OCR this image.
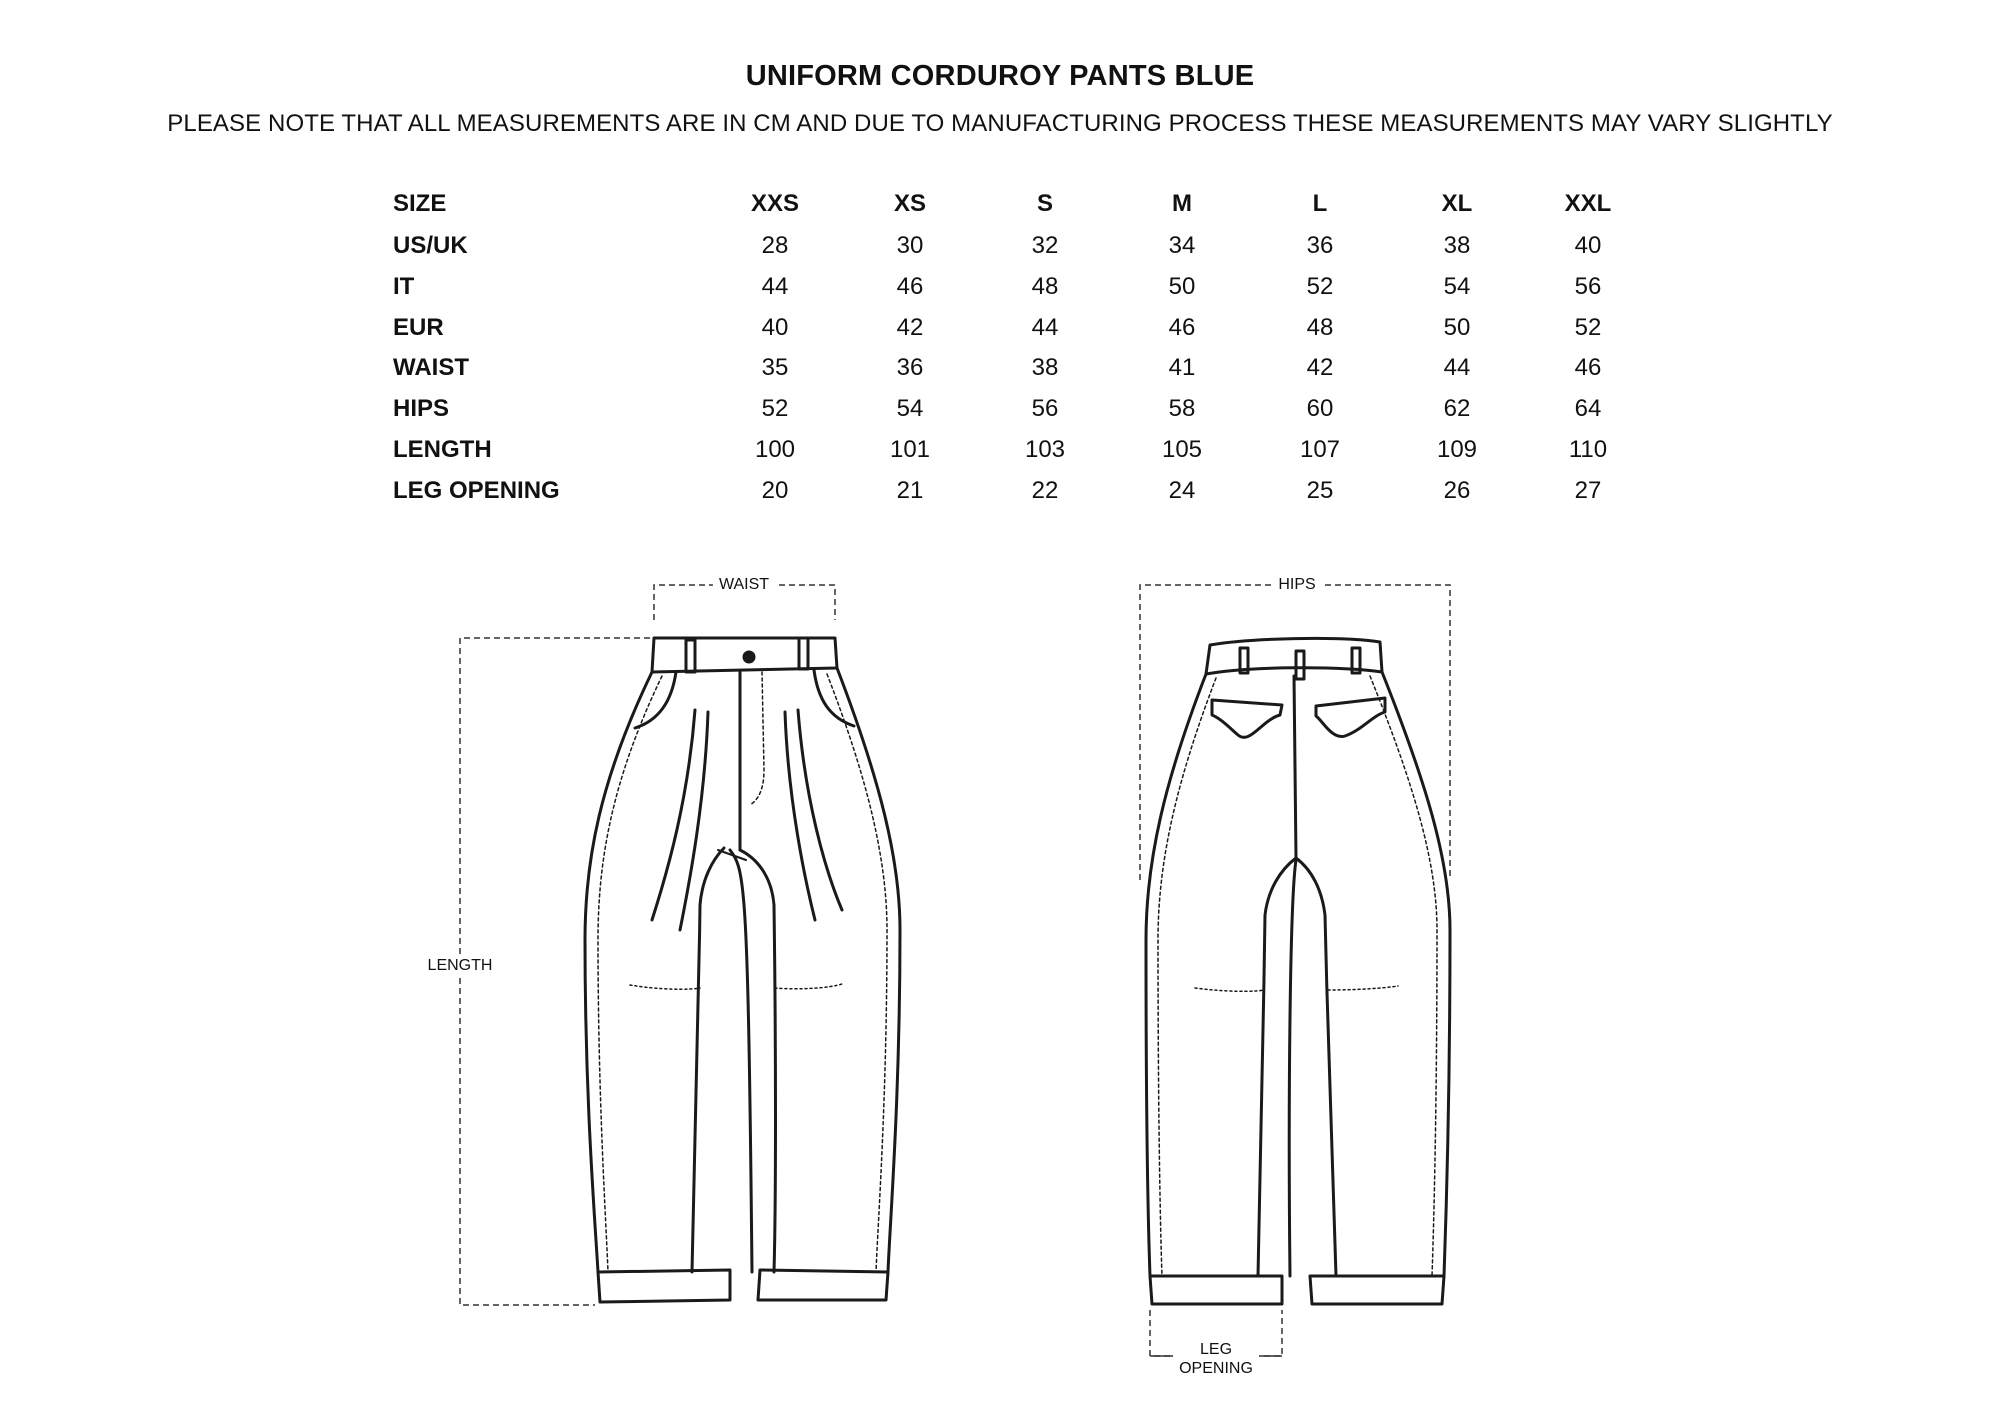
UNIFORM CORDUROY PANTS BLUE
PLEASE NOTE THAT ALL MEASUREMENTS ARE IN CM AND DUE TO MANUFACTURING PROCESS THESE MEASUREMENTS MAY VARY SLIGHTLY
SIZE	XXS	XS	S	M	L	XL	XXL
US/UK	28	30	32	34	36	38	40
IT	44	46	48	50	52	54	56
EUR	40	42	44	46	48	50	52
WAIST	35	36	38	41	42	44	46
HIPS	52	54	56	58	60	62	64
LENGTH	100	101	103	105	107	109	110
LEG OPENING	20	21	22	24	25	26	27
WAIST
LENGTH
HIPS
LEG
OPENING
